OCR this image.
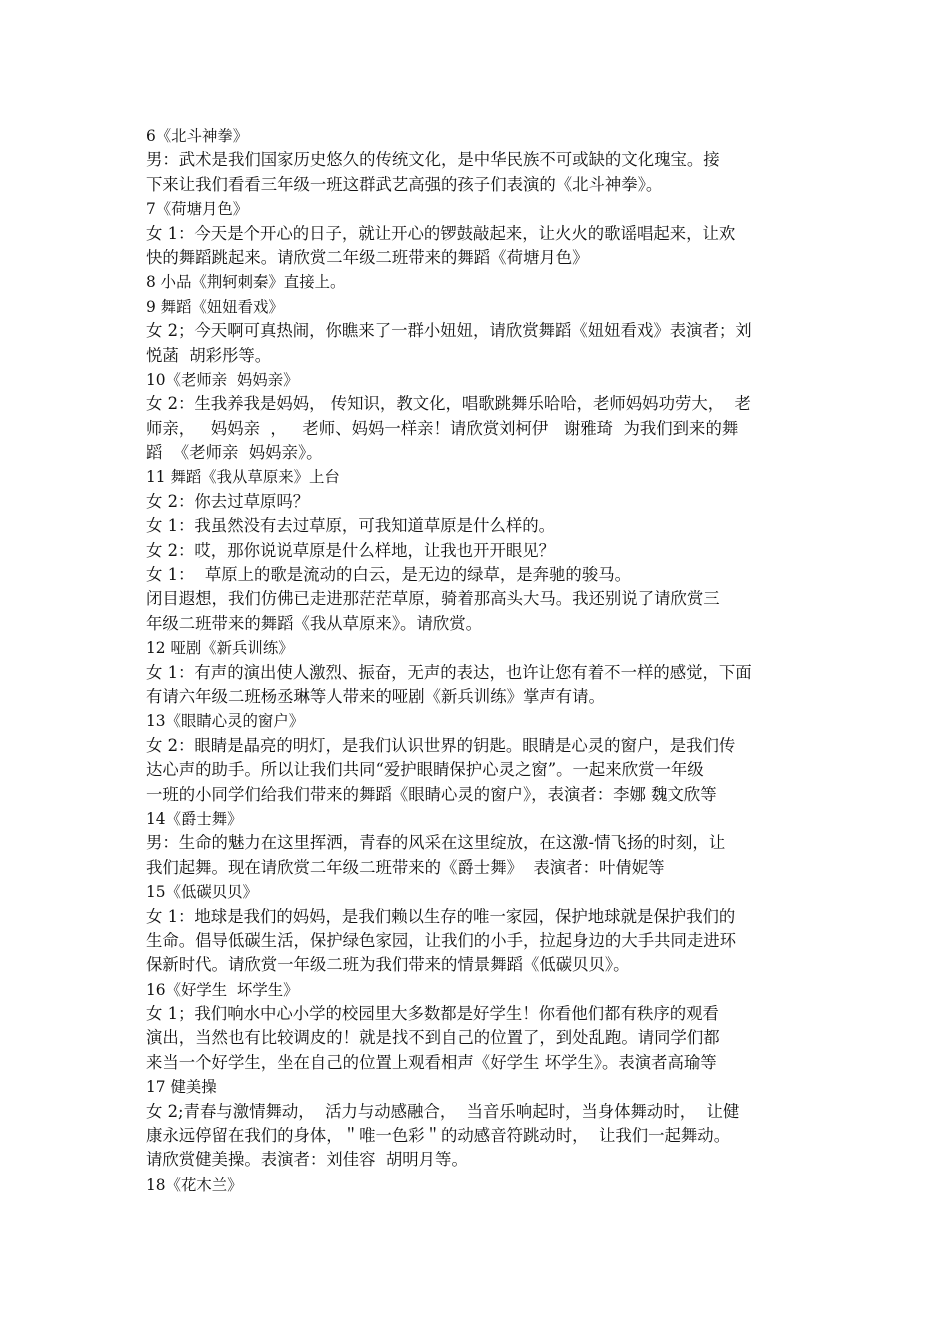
6《北斗神拳》
男：武术是我们国家历史悠久的传统文化，是中华民族不可或缺的文化瑰宝。接
下来让我们看看三年级一班这群武艺高强的孩子们表演的《北斗神拳》。
7《荷塘月色》
女 1：今天是个开心的日子，就让开心的锣鼓敲起来，让火火的歌谣唱起来，让欢
快的舞蹈跳起来。请欣赏二年级二班带来的舞蹈《荷塘月色》
8 小品《荆轲刺秦》直接上。
9 舞蹈《妞妞看戏》
女 2；今天啊可真热闹，你瞧来了一群小妞妞，请欣赏舞蹈《妞妞看戏》表演者；刘
悦菡  胡彩彤等。
10《老师亲  妈妈亲》
女 2：生我养我是妈妈， 传知识，教文化，唱歌跳舞乐哈哈，老师妈妈功劳大，  老
师亲，   妈妈亲  ，   老师、妈妈一样亲！请欣赏刘柯伊   谢雅琦  为我们到来的舞
蹈  《老师亲  妈妈亲》。
11 舞蹈《我从草原来》上台
女 2：你去过草原吗？
女 1：我虽然没有去过草原，可我知道草原是什么样的。
女 2：哎，那你说说草原是什么样地，让我也开开眼见？
女 1：  草原上的歌是流动的白云，是无边的绿草，是奔驰的骏马。
闭目遐想，我们仿佛已走进那茫茫草原，骑着那高头大马。我还别说了请欣赏三
年级二班带来的舞蹈《我从草原来》。请欣赏。
12 哑剧《新兵训练》
女 1：有声的演出使人激烈、振奋，无声的表达，也许让您有着不一样的感觉，下面
有请六年级二班杨丞琳等人带来的哑剧《新兵训练》掌声有请。
13《眼睛心灵的窗户》
女 2：眼睛是晶亮的明灯，是我们认识世界的钥匙。眼睛是心灵的窗户，是我们传
达心声的助手。所以让我们共同“爱护眼睛保护心灵之窗”。一起来欣赏一年级
一班的小同学们给我们带来的舞蹈《眼睛心灵的窗户》，表演者：李娜 魏文欣等
14《爵士舞》
男：生命的魅力在这里挥洒，青春的风采在这里绽放，在这激-情飞扬的时刻，让
我们起舞。现在请欣赏二年级二班带来的《爵士舞》  表演者：叶倩妮等
15《低碳贝贝》
女 1：地球是我们的妈妈，是我们赖以生存的唯一家园，保护地球就是保护我们的
生命。倡导低碳生活，保护绿色家园，让我们的小手，拉起身边的大手共同走进环
保新时代。请欣赏一年级二班为我们带来的情景舞蹈《低碳贝贝》。
16《好学生  坏学生》
女 1；我们响水中心小学的校园里大多数都是好学生！你看他们都有秩序的观看
演出，当然也有比较调皮的！就是找不到自己的位置了，到处乱跑。请同学们都
来当一个好学生，坐在自己的位置上观看相声《好学生 坏学生》。表演者高瑜等
17 健美操
女 2;青春与激情舞动，  活力与动感融合，  当音乐响起时，当身体舞动时，  让健
康永远停留在我们的身体，＂唯一色彩＂的动感音符跳动时，  让我们一起舞动。
请欣赏健美操。表演者：刘佳容  胡明月等。
18《花木兰》
